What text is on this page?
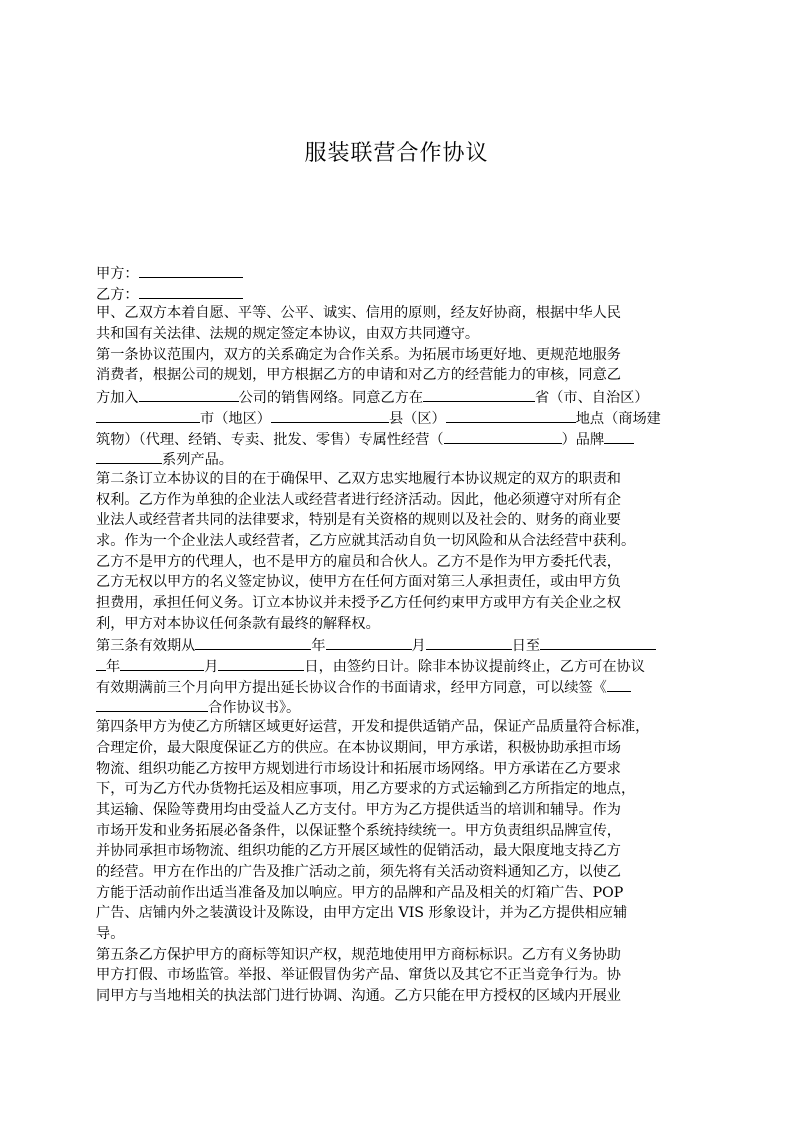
服装联营合作协议
甲方：
乙方：
甲、乙双方本着自愿、平等、公平、诚实、信用的原则，经友好协商，根据中华人民
共和国有关法律、法规的规定签定本协议，由双方共同遵守。
第一条协议范围内，双方的关系确定为合作关系。为拓展市场更好地、更规范地服务
消费者，根据公司的规划，甲方根据乙方的申请和对乙方的经营能力的审核，同意乙
方加入	公司的销售网络。同意乙方在	省（市、自治区）
市（地区）	县（区）	地点（商场建
筑物）（代理、经销、专卖、批发、零售）专属性经营（	）品牌
系列产品。
第二条订立本协议的目的在于确保甲、乙双方忠实地履行本协议规定的双方的职责和
权利。乙方作为单独的企业法人或经营者进行经济活动。因此，他必须遵守对所有企
业法人或经营者共同的法律要求，特别是有关资格的规则以及社会的、财务的商业要
求。作为一个企业法人或经营者，乙方应就其活动自负一切风险和从合法经营中获利。
乙方不是甲方的代理人，也不是甲方的雇员和合伙人。乙方不是作为甲方委托代表，
乙方无权以甲方的名义签定协议，使甲方在任何方面对第三人承担责任，或由甲方负
担费用，承担任何义务。订立本协议并未授予乙方任何约束甲方或甲方有关企业之权
利，甲方对本协议任何条款有最终的解释权。
第三条有效期从	年	月	日至
年	月	日，由签约日计。除非本协议提前终止，乙方可在协议
有效期满前三个月向甲方提出延长协议合作的书面请求，经甲方同意，可以续签《
合作协议书》。
第四条甲方为使乙方所辖区域更好运营，开发和提供适销产品，保证产品质量符合标准，
合理定价，最大限度保证乙方的供应。在本协议期间，甲方承诺，积极协助承担市场
物流、组织功能乙方按甲方规划进行市场设计和拓展市场网络。甲方承诺在乙方要求
下，可为乙方代办货物托运及相应事项，用乙方要求的方式运输到乙方所指定的地点，
其运输、保险等费用均由受益人乙方支付。甲方为乙方提供适当的培训和辅导。作为
市场开发和业务拓展必备条件，以保证整个系统持续统一。甲方负责组织品牌宣传，
并协同承担市场物流、组织功能的乙方开展区域性的促销活动，最大限度地支持乙方
的经营。甲方在作出的广告及推广活动之前，须先将有关活动资料通知乙方，以使乙
方能于活动前作出适当准备及加以响应。甲方的品牌和产品及相关的灯箱广告、POP
广告、店铺内外之装潢设计及陈设，由甲方定出 VIS 形象设计，并为乙方提供相应辅
导。
第五条乙方保护甲方的商标等知识产权，规范地使用甲方商标标识。乙方有义务协助
甲方打假、市场监管。举报、举证假冒伪劣产品、窜货以及其它不正当竞争行为。协
同甲方与当地相关的执法部门进行协调、沟通。乙方只能在甲方授权的区域内开展业
